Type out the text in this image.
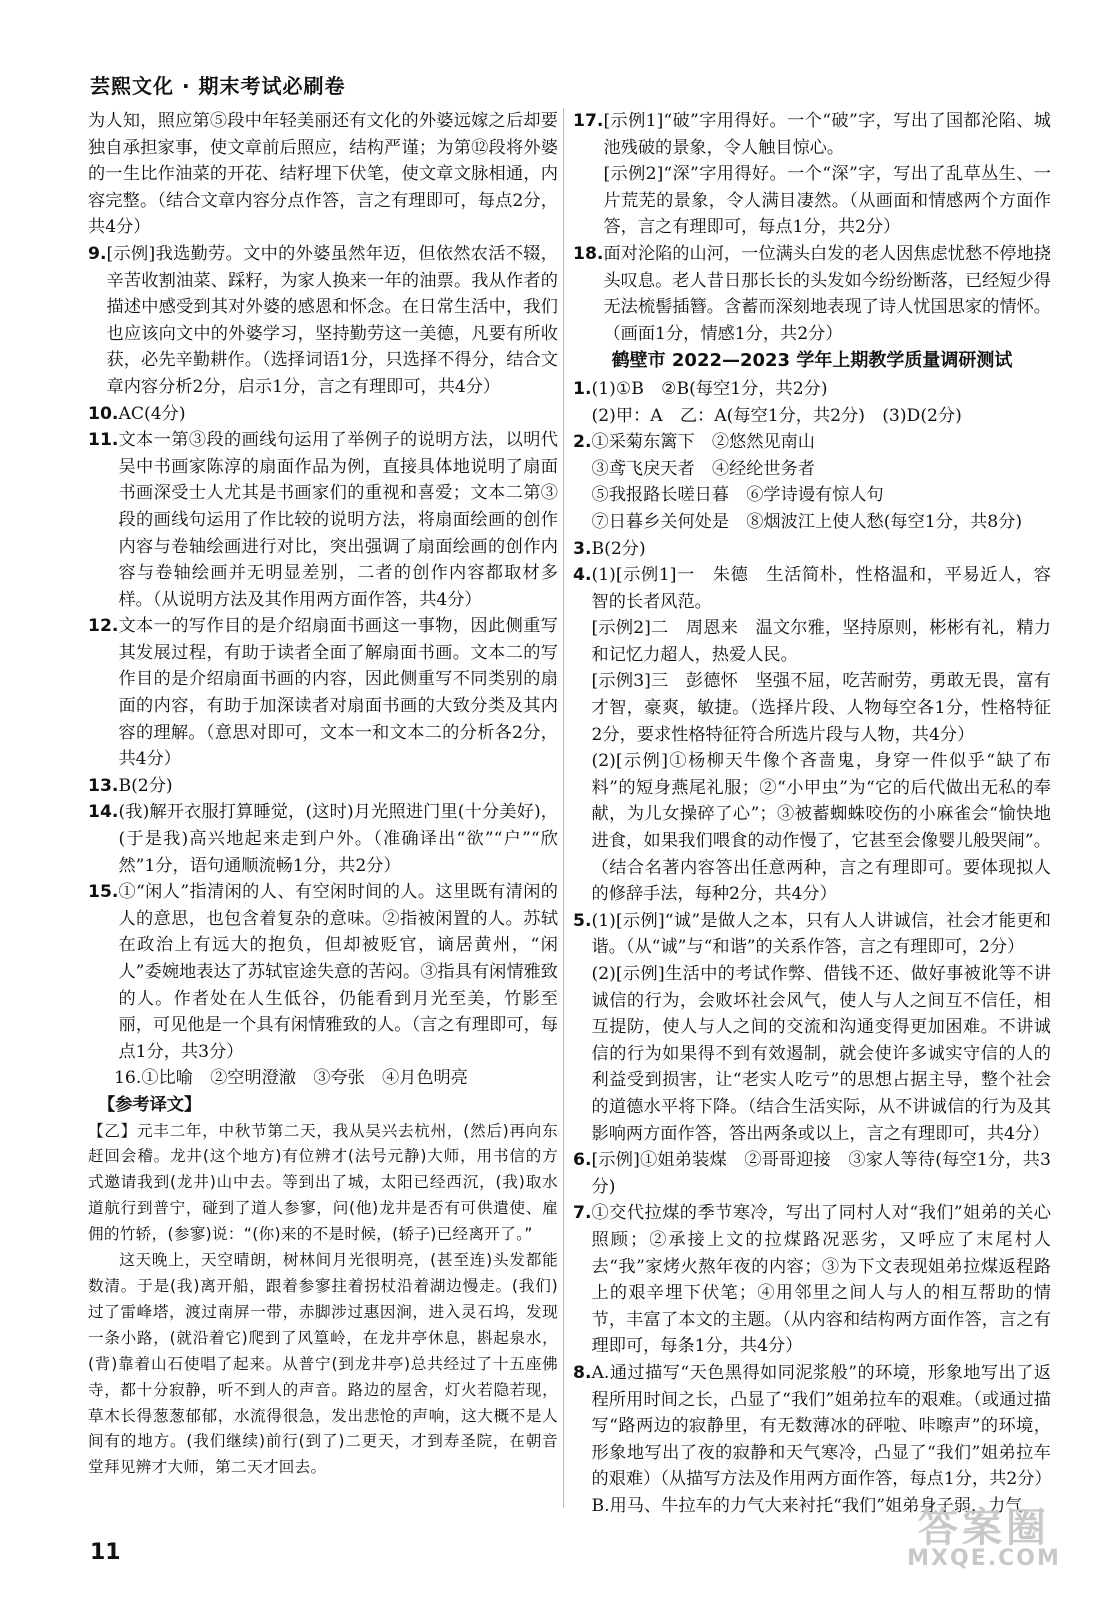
芸熙文化 · 期末考试必刷卷

为人知，照应第⑤段中年轻美丽还有文化的外婆远嫁之后却要独自承担家事，使文章前后照应，结构严谨；为第⑫段将外婆的一生比作油菜的开花、结籽埋下伏笔，使文章文脉相通，内容完整。（结合文章内容分点作答，言之有理即可，每点2分，共4分）

9. [示例]我选勤劳。文中的外婆虽然年迈，但依然农活不辍，辛苦收割油菜、踩籽，为家人换来一年的油票。我从作者的描述中感受到其对外婆的感恩和怀念。在日常生活中，我们也应该向文中的外婆学习，坚持勤劳这一美德，凡要有所收获，必先辛勤耕作。（选择词语1分，只选择不得分，结合文章内容分析2分，启示1分，言之有理即可，共4分）
10. AC(4分)
11. 文本一第③段的画线句运用了举例子的说明方法，以明代吴中书画家陈淳的扇面作品为例，直接具体地说明了扇面书画深受士人尤其是书画家们的重视和喜爱；文本二第③段的画线句运用了作比较的说明方法，将扇面绘画的创作内容与卷轴绘画进行对比，突出强调了扇面绘画的创作内容与卷轴绘画并无明显差别，二者的创作内容都取材多样。（从说明方法及其作用两方面作答，共4分）
12. 文本一的写作目的是介绍扇面书画这一事物，因此侧重写其发展过程，有助于读者全面了解扇面书画。文本二的写作目的是介绍扇面书画的内容，因此侧重写不同类别的扇面的内容，有助于加深读者对扇面书画的大致分类及其内容的理解。（意思对即可，文本一和文本二的分析各2分，共4分）
13. B(2分)
14. (我)解开衣服打算睡觉，(这时)月光照进门里(十分美好)，(于是我)高兴地起来走到户外。（准确译出“欲”“户”“欣然”1分，语句通顺流畅1分，共2分）
15. ①“闲人”指清闲的人、有空闲时间的人。这里既有清闲的人的意思，也包含着复杂的意味。②指被闲置的人。苏轼在政治上有远大的抱负，但却被贬官，谪居黄州，“闲人”委婉地表达了苏轼宦途失意的苦闷。③指具有闲情雅致的人。作者处在人生低谷，仍能看到月光至美，竹影至丽，可见他是一个具有闲情雅致的人。（言之有理即可，每点1分，共3分）
16.①比喻　②空明澄澈　③夸张　④月色明亮
【参考译文】

【乙】元丰二年，中秋节第二天，我从吴兴去杭州，(然后)再向东赶回会稽。龙井(这个地方)有位辨才(法号元静)大师，用书信的方式邀请我到(龙井)山中去。等到出了城，太阳已经西沉，(我)取水道航行到普宁，碰到了道人参寥，问(他)龙井是否有可供遣使、雇佣的竹轿，(参寥)说：“(你)来的不是时候，(轿子)已经离开了。”

这天晚上，天空晴朗，树林间月光很明亮，(甚至连)头发都能数清。于是(我)离开船，跟着参寥拄着拐杖沿着湖边慢走。(我们)过了雷峰塔，渡过南屏一带，赤脚涉过惠因涧，进入灵石坞，发现一条小路，(就沿着它)爬到了风篁岭，在龙井亭休息，斟起泉水，(背)靠着山石使唱了起来。从普宁(到龙井亭)总共经过了十五座佛寺，都十分寂静，听不到人的声音。路边的屋舍，灯火若隐若现，草木长得葱葱郁郁，水流得很急，发出悲怆的声响，这大概不是人间有的地方。(我们继续)前行(到了)二更天，才到寿圣院，在朝音堂拜见辨才大师，第二天才回去。

17. [示例1]“破”字用得好。一个“破”字，写出了国都沦陷、城池残破的景象，令人触目惊心。
[示例2]“深”字用得好。一个“深”字，写出了乱草丛生、一片荒芜的景象，令人满目凄然。（从画面和情感两个方面作答，言之有理即可，每点1分，共2分）
18. 面对沦陷的山河，一位满头白发的老人因焦虑忧愁不停地挠头叹息。老人昔日那长长的头发如今纷纷断落，已经短少得无法梳髻插簪。含蓄而深刻地表现了诗人忧国思家的情怀。（画面1分，情感1分，共2分）
鹤壁市 2022—2023 学年上期教学质量调研测试
1. (1)①B　②B(每空1分，共2分)
(2)甲：A　乙：A(每空1分，共2分)　(3)D(2分)
2. ①采菊东篱下　②悠然见南山
③鸢飞戾天者　④经纶世务者
⑤我报路长嗟日暮　⑥学诗谩有惊人句
⑦日暮乡关何处是　⑧烟波江上使人愁(每空1分，共8分)
3. B(2分)
4. (1)[示例1]一　朱德　生活简朴，性格温和，平易近人，容智的长者风范。
[示例2]二　周恩来　温文尔雅，坚持原则，彬彬有礼，精力和记忆力超人，热爱人民。
[示例3]三　彭德怀　坚强不屈，吃苦耐劳，勇敢无畏，富有才智，豪爽，敏捷。（选择片段、人物每空各1分，性格特征2分，要求性格特征符合所选片段与人物，共4分）
(2)[示例]①杨柳天牛像个吝啬鬼，身穿一件似乎“缺了布料”的短身燕尾礼服；②“小甲虫”为“它的后代做出无私的奉献，为儿女操碎了心”；③被蓄蜘蛛咬伤的小麻雀会“愉快地进食，如果我们喂食的动作慢了，它甚至会像婴儿般哭闹”。（结合名著内容答出任意两种，言之有理即可。要体现拟人的修辞手法，每种2分，共4分）
5. (1)[示例]“诚”是做人之本，只有人人讲诚信，社会才能更和谐。（从“诚”与“和谐”的关系作答，言之有理即可，2分）
(2)[示例]生活中的考试作弊、借钱不还、做好事被讹等不讲诚信的行为，会败坏社会风气，使人与人之间互不信任，相互提防，使人与人之间的交流和沟通变得更加困难。不讲诚信的行为如果得不到有效遏制，就会使许多诚实守信的人的利益受到损害，让“老实人吃亏”的思想占据主导，整个社会的道德水平将下降。（结合生活实际，从不讲诚信的行为及其影响两方面作答，答出两条或以上，言之有理即可，共4分）
6. [示例]①姐弟装煤　②哥哥迎接　③家人等待(每空1分，共3分)
7. ①交代拉煤的季节寒冷，写出了同村人对“我们”姐弟的关心照顾；②承接上文的拉煤路况恶劣，又呼应了末尾村人去“我”家烤火熬年夜的内容；③为下文表现姐弟拉煤返程路上的艰辛埋下伏笔；④用邻里之间人与人的相互帮助的情节，丰富了本文的主题。（从内容和结构两方面作答，言之有理即可，每条1分，共4分）
8. A.通过描写“天色黑得如同泥浆般”的环境，形象地写出了返程所用时间之长，凸显了“我们”姐弟拉车的艰难。（或通过描写“路两边的寂静里，有无数薄冰的砰啦、咔嚓声”的环境，形象地写出了夜的寂静和天气寒冷，凸显了“我们”姐弟拉车的艰难）（从描写方法及作用两方面作答，每点1分，共2分）
B.用马、牛拉车的力气大来衬托“我们”姐弟身子弱，力气
11
答案圈
MXQE.COM
